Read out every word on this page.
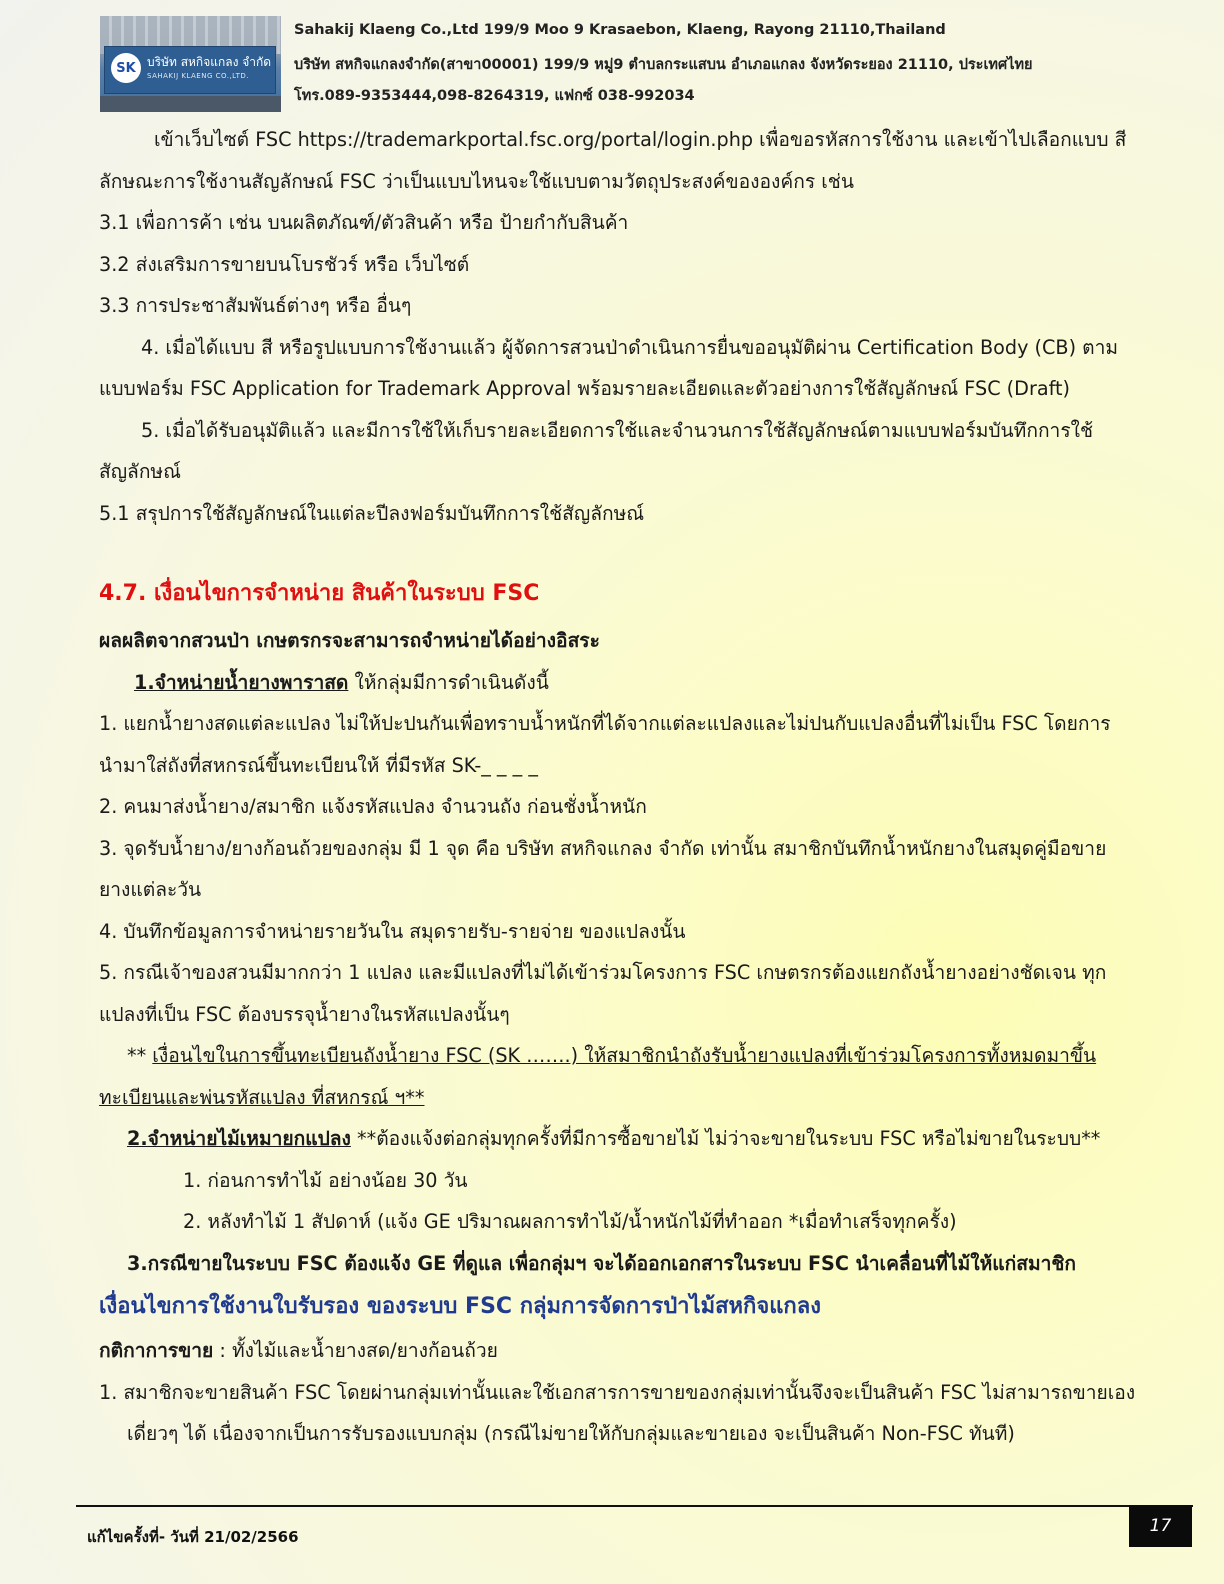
SK บริษัท สหกิจแกลง จำกัด
SAHAKIJ KLAENG CO.,LTD.
Sahakij Klaeng Co.,Ltd 199/9 Moo 9 Krasaebon, Klaeng, Rayong 21110,Thailand
บริษัท สหกิจแกลงจำกัด(สาขา00001) 199/9 หมู่9 ตำบลกระแสบน อำเภอแกลง จังหวัดระยอง 21110, ประเทศไทย
โทร.089-9353444,098-8264319, แฟกซ์ 038-992034
เข้าเว็บไซต์ FSC https://trademarkportal.fsc.org/portal/login.php เพื่อขอรหัสการใช้งาน และเข้าไปเลือกแบบ สี
ลักษณะการใช้งานสัญลักษณ์ FSC ว่าเป็นแบบไหนจะใช้แบบตามวัตถุประสงค์ขององค์กร เช่น
3.1 เพื่อการค้า เช่น บนผลิตภัณฑ์/ตัวสินค้า หรือ ป้ายกำกับสินค้า
3.2 ส่งเสริมการขายบนโบรชัวร์ หรือ เว็บไซต์
3.3 การประชาสัมพันธ์ต่างๆ หรือ อื่นๆ
4. เมื่อได้แบบ สี หรือรูปแบบการใช้งานแล้ว ผู้จัดการสวนป่าดำเนินการยื่นขออนุมัติผ่าน Certification Body (CB) ตาม
แบบฟอร์ม FSC Application for Trademark Approval พร้อมรายละเอียดและตัวอย่างการใช้สัญลักษณ์ FSC (Draft)
5. เมื่อได้รับอนุมัติแล้ว และมีการใช้ให้เก็บรายละเอียดการใช้และจำนวนการใช้สัญลักษณ์ตามแบบฟอร์มบันทึกการใช้
สัญลักษณ์
5.1 สรุปการใช้สัญลักษณ์ในแต่ละปีลงฟอร์มบันทึกการใช้สัญลักษณ์
4.7. เงื่อนไขการจำหน่าย สินค้าในระบบ FSC
ผลผลิตจากสวนป่า เกษตรกรจะสามารถจำหน่ายได้อย่างอิสระ
1.จำหน่ายน้ำยางพาราสด ให้กลุ่มมีการดำเนินดังนี้
1. แยกน้ำยางสดแต่ละแปลง ไม่ให้ปะปนกันเพื่อทราบน้ำหนักที่ได้จากแต่ละแปลงและไม่ปนกับแปลงอื่นที่ไม่เป็น FSC โดยการ
นำมาใส่ถังที่สหกรณ์ขึ้นทะเบียนให้ ที่มีรหัส SK-_ _ _ _
2. คนมาส่งน้ำยาง/สมาชิก แจ้งรหัสแปลง จำนวนถัง ก่อนชั่งน้ำหนัก
3. จุดรับน้ำยาง/ยางก้อนถ้วยของกลุ่ม มี 1 จุด คือ บริษัท สหกิจแกลง จำกัด เท่านั้น สมาชิกบันทึกน้ำหนักยางในสมุดคู่มือขาย
ยางแต่ละวัน
4. บันทึกข้อมูลการจำหน่ายรายวันใน สมุดรายรับ-รายจ่าย ของแปลงนั้น
5. กรณีเจ้าของสวนมีมากกว่า 1 แปลง และมีแปลงที่ไม่ได้เข้าร่วมโครงการ FSC เกษตรกรต้องแยกถังน้ำยางอย่างชัดเจน ทุก
แปลงที่เป็น FSC ต้องบรรจุน้ำยางในรหัสแปลงนั้นๆ
** เงื่อนไขในการขึ้นทะเบียนถังน้ำยาง FSC (SK …….) ให้สมาชิกนำถังรับน้ำยางแปลงที่เข้าร่วมโครงการทั้งหมดมาขึ้น
ทะเบียนและพ่นรหัสแปลง ที่สหกรณ์ ฯ**
2.จำหน่ายไม้เหมายกแปลง **ต้องแจ้งต่อกลุ่มทุกครั้งที่มีการซื้อขายไม้ ไม่ว่าจะขายในระบบ FSC หรือไม่ขายในระบบ**
1. ก่อนการทำไม้ อย่างน้อย 30 วัน
2. หลังทำไม้ 1 สัปดาห์ (แจ้ง GE ปริมาณผลการทำไม้/น้ำหนักไม้ที่ทำออก *เมื่อทำเสร็จทุกครั้ง)
3.กรณีขายในระบบ FSC ต้องแจ้ง GE ที่ดูแล เพื่อกลุ่มฯ จะได้ออกเอกสารในระบบ FSC นำเคลื่อนที่ไม้ให้แก่สมาชิก
เงื่อนไขการใช้งานใบรับรอง ของระบบ FSC กลุ่มการจัดการป่าไม้สหกิจแกลง
กติกาการขาย : ทั้งไม้และน้ำยางสด/ยางก้อนถ้วย
1. สมาชิกจะขายสินค้า FSC โดยผ่านกลุ่มเท่านั้นและใช้เอกสารการขายของกลุ่มเท่านั้นจึงจะเป็นสินค้า FSC ไม่สามารถขายเอง
เดี่ยวๆ ได้ เนื่องจากเป็นการรับรองแบบกลุ่ม (กรณีไม่ขายให้กับกลุ่มและขายเอง จะเป็นสินค้า Non-FSC ทันที)
แก้ไขครั้งที่- วันที่ 21/02/2566
17
